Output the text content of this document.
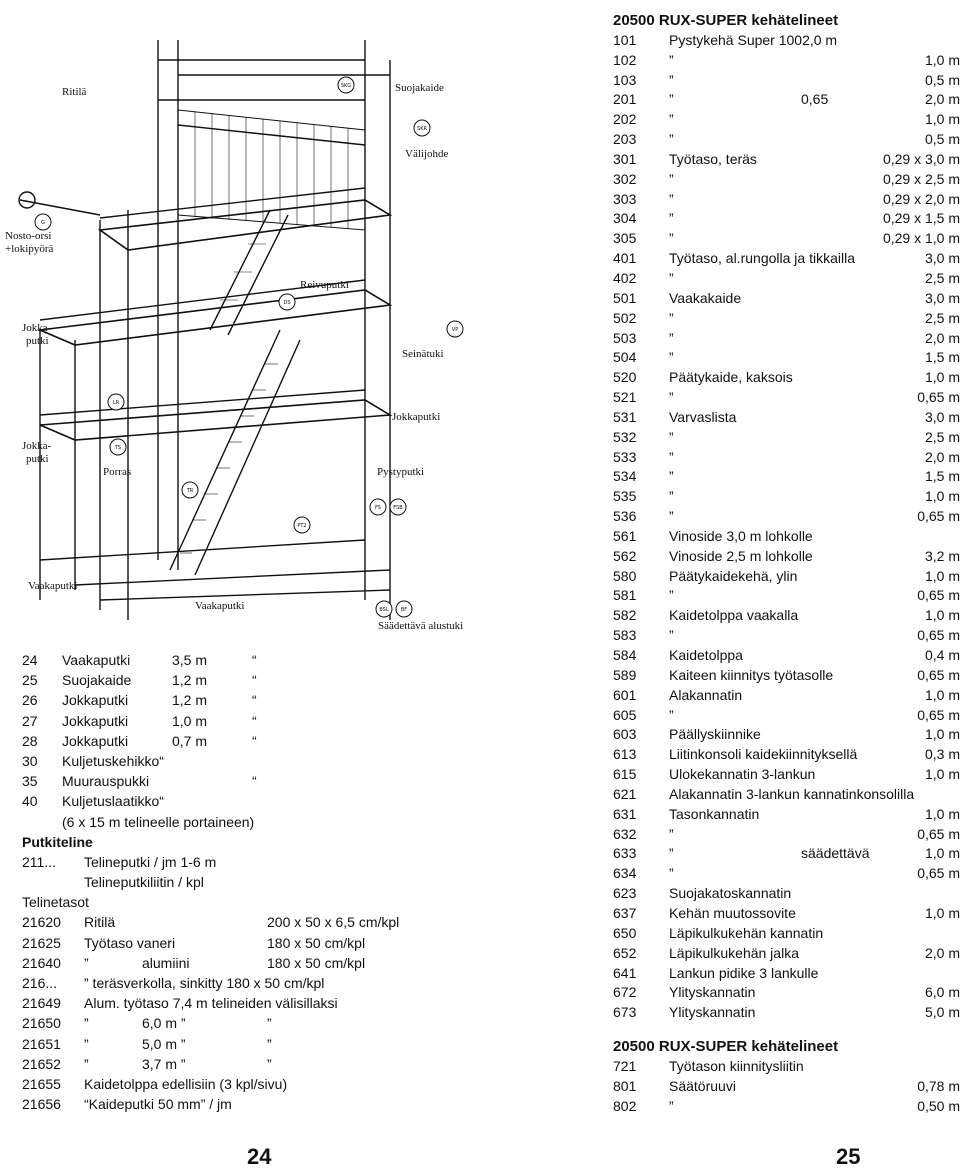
SKG
SKR
G
DS
VP
LR
TS
TR
PT2
FS FSB
BSL BF
Ritilä	Suojakaide
Välijohde
Nosto-orsi
+lokipyörä
Jokka-
putki
Reivuputki
Seinätuki
Jokkaputki
Jokka-
putki
Porras	Pystyputki
Vaakaputki
Vaakaputki
Säädettävä alustuki
24 Vaakaputki	3,5 m	“
25 Suojakaide	1,2 m	“
26 Jokkaputki	1,2 m	“
27 Jokkaputki	1,0 m	“
28 Jokkaputki	0,7 m	“
30 Kuljetuskehikko“
35 Muurauspukki	“
40 Kuljetuslaatikko“
(6 x 15 m telineelle portaineen)
Putkiteline
211... Telineputki / jm 1-6 m
Telineputkiliitin / kpl
Telinetasot
21620 Ritilä	200 x 50 x 6,5 cm/kpl
21625 Työtaso vaneri	180 x 50 cm/kpl
21640 ”	alumiini	180 x 50 cm/kpl
216... ” teräsverkolla, sinkitty 180 x 50 cm/kpl
21649 Alum. työtaso 7,4 m telineiden välisillaksi
21650 ”	6,0 m ”	”
21651 ”	5,0 m ”	”
21652 ”	3,7 m ”	”
21655 Kaidetolppa edellisiin (3 kpl/sivu)
21656 “Kaideputki 50 mm” / jm
20500 RUX-SUPER kehätelineet
101 Pystykehä Super 1002,0 m
102 ”	1,0 m
103 ”	0,5 m
201 ”	0,65	2,0 m
202 ”	1,0 m
203 ”	0,5 m
301 Työtaso, teräs	0,29 x 3,0 m
302 ”	0,29 x 2,5 m
303 ”	0,29 x 2,0 m
304 ”	0,29 x 1,5 m
305 ”	0,29 x 1,0 m
401 Työtaso, al.rungolla ja tikkailla	3,0 m
402 ”	2,5 m
501 Vaakakaide	3,0 m
502 ”	2,5 m
503 ”	2,0 m
504 ”	1,5 m
520 Päätykaide, kaksois	1,0 m
521 ”	0,65 m
531 Varvaslista	3,0 m
532 ”	2,5 m
533 ”	2,0 m
534 ”	1,5 m
535 ”	1,0 m
536 ”	0,65 m
561 Vinoside 3,0 m lohkolle
562 Vinoside 2,5 m lohkolle	3,2 m
580 Päätykaidekehä, ylin	1,0 m
581 ”	0,65 m
582 Kaidetolppa vaakalla	1,0 m
583 ”	0,65 m
584 Kaidetolppa	0,4 m
589 Kaiteen kiinnitys työtasolle	0,65 m
601 Alakannatin	1,0 m
605 ”	0,65 m
603 Päällyskiinnike	1,0 m
613 Liitinkonsoli kaidekiinnityksellä	0,3 m
615 Ulokekannatin 3-lankun	1,0 m
621 Alakannatin 3-lankun kannatinkonsolilla
631 Tasonkannatin	1,0 m
632 ”	0,65 m
633 ”	säädettävä	1,0 m
634 ”	0,65 m
623 Suojakatoskannatin
637 Kehän muutossovite	1,0 m
650 Läpikulkukehän kannatin
652 Läpikulkukehän jalka	2,0 m
641 Lankun pidike 3 lankulle
672 Ylityskannatin	6,0 m
673 Ylityskannatin	5,0 m
20500 RUX-SUPER kehätelineet
721 Työtason kiinnitysliitin
801 Säätöruuvi	0,78 m
802 ”	0,50 m
24	25
